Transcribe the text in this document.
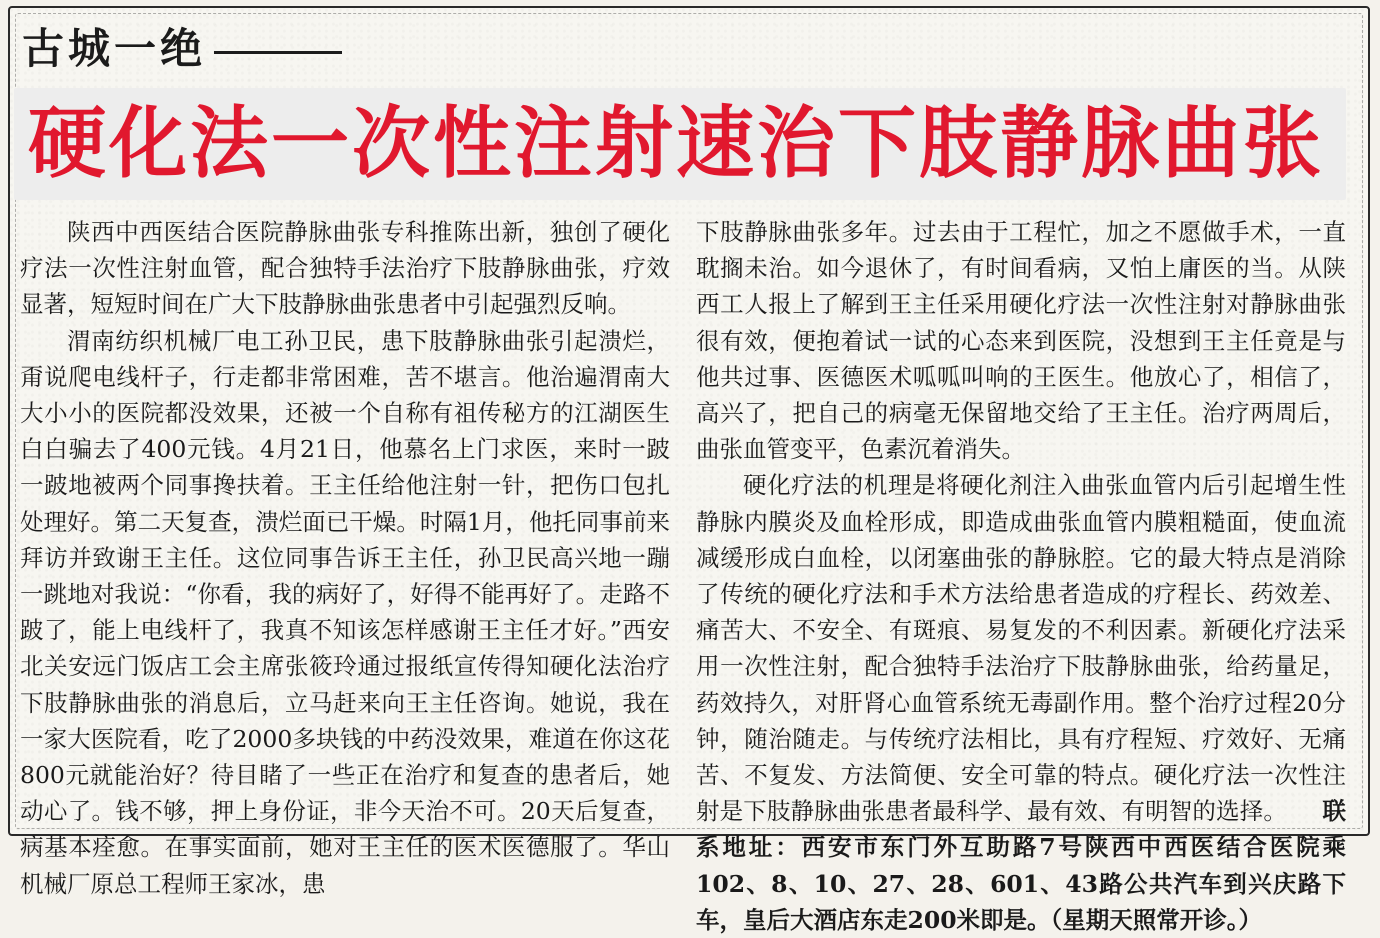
古城一绝
硬化法一次性注射速治下肢静脉曲张

陕西中西医结合医院静脉曲张专科推陈出新，独创了硬化疗法一次性注射血管，配合独特手法治疗下肢静脉曲张，疗效显著，短短时间在广大下肢静脉曲张患者中引起强烈反响。

渭南纺织机械厂电工孙卫民，患下肢静脉曲张引起溃烂，甭说爬电线杆子，行走都非常困难，苦不堪言。他治遍渭南大大小小的医院都没效果，还被一个自称有祖传秘方的江湖医生白白骗去了400元钱。4月21日，他慕名上门求医，来时一跛一跛地被两个同事搀扶着。王主任给他注射一针，把伤口包扎处理好。第二天复查，溃烂面已干燥。时隔1月，他托同事前来拜访并致谢王主任。这位同事告诉王主任，孙卫民高兴地一蹦一跳地对我说：“你看，我的病好了，好得不能再好了。走路不跛了，能上电线杆了，我真不知该怎样感谢王主任才好。”西安北关安远门饭店工会主席张筱玲通过报纸宣传得知硬化法治疗下肢静脉曲张的消息后，立马赶来向王主任咨询。她说，我在一家大医院看，吃了2000多块钱的中药没效果，难道在你这花800元就能治好？待目睹了一些正在治疗和复查的患者后，她动心了。钱不够，押上身份证，非今天治不可。20天后复查，病基本痊愈。在事实面前，她对王主任的医术医德服了。华山机械厂原总工程师王家冰，患

下肢静脉曲张多年。过去由于工程忙，加之不愿做手术，一直耽搁未治。如今退休了，有时间看病，又怕上庸医的当。从陕西工人报上了解到王主任采用硬化疗法一次性注射对静脉曲张很有效，便抱着试一试的心态来到医院，没想到王主任竟是与他共过事、医德医术呱呱叫响的王医生。他放心了，相信了，高兴了，把自己的病毫无保留地交给了王主任。治疗两周后，曲张血管变平，色素沉着消失。

硬化疗法的机理是将硬化剂注入曲张血管内后引起增生性静脉内膜炎及血栓形成，即造成曲张血管内膜粗糙面，使血流减缓形成白血栓，以闭塞曲张的静脉腔。它的最大特点是消除了传统的硬化疗法和手术方法给患者造成的疗程长、药效差、痛苦大、不安全、有斑痕、易复发的不利因素。新硬化疗法采用一次性注射，配合独特手法治疗下肢静脉曲张，给药量足，药效持久，对肝肾心血管系统无毒副作用。整个治疗过程20分钟，随治随走。与传统疗法相比，具有疗程短、疗效好、无痛苦、不复发、方法简便、安全可靠的特点。硬化疗法一次性注射是下肢静脉曲张患者最科学、最有效、有明智的选择。　　 联系地址：西安市东门外互助路7号陕西中西医结合医院乘102、8、10、27、28、601、43路公共汽车到兴庆路下车，皇后大酒店东走200米即是。（星期天照常开诊。）
